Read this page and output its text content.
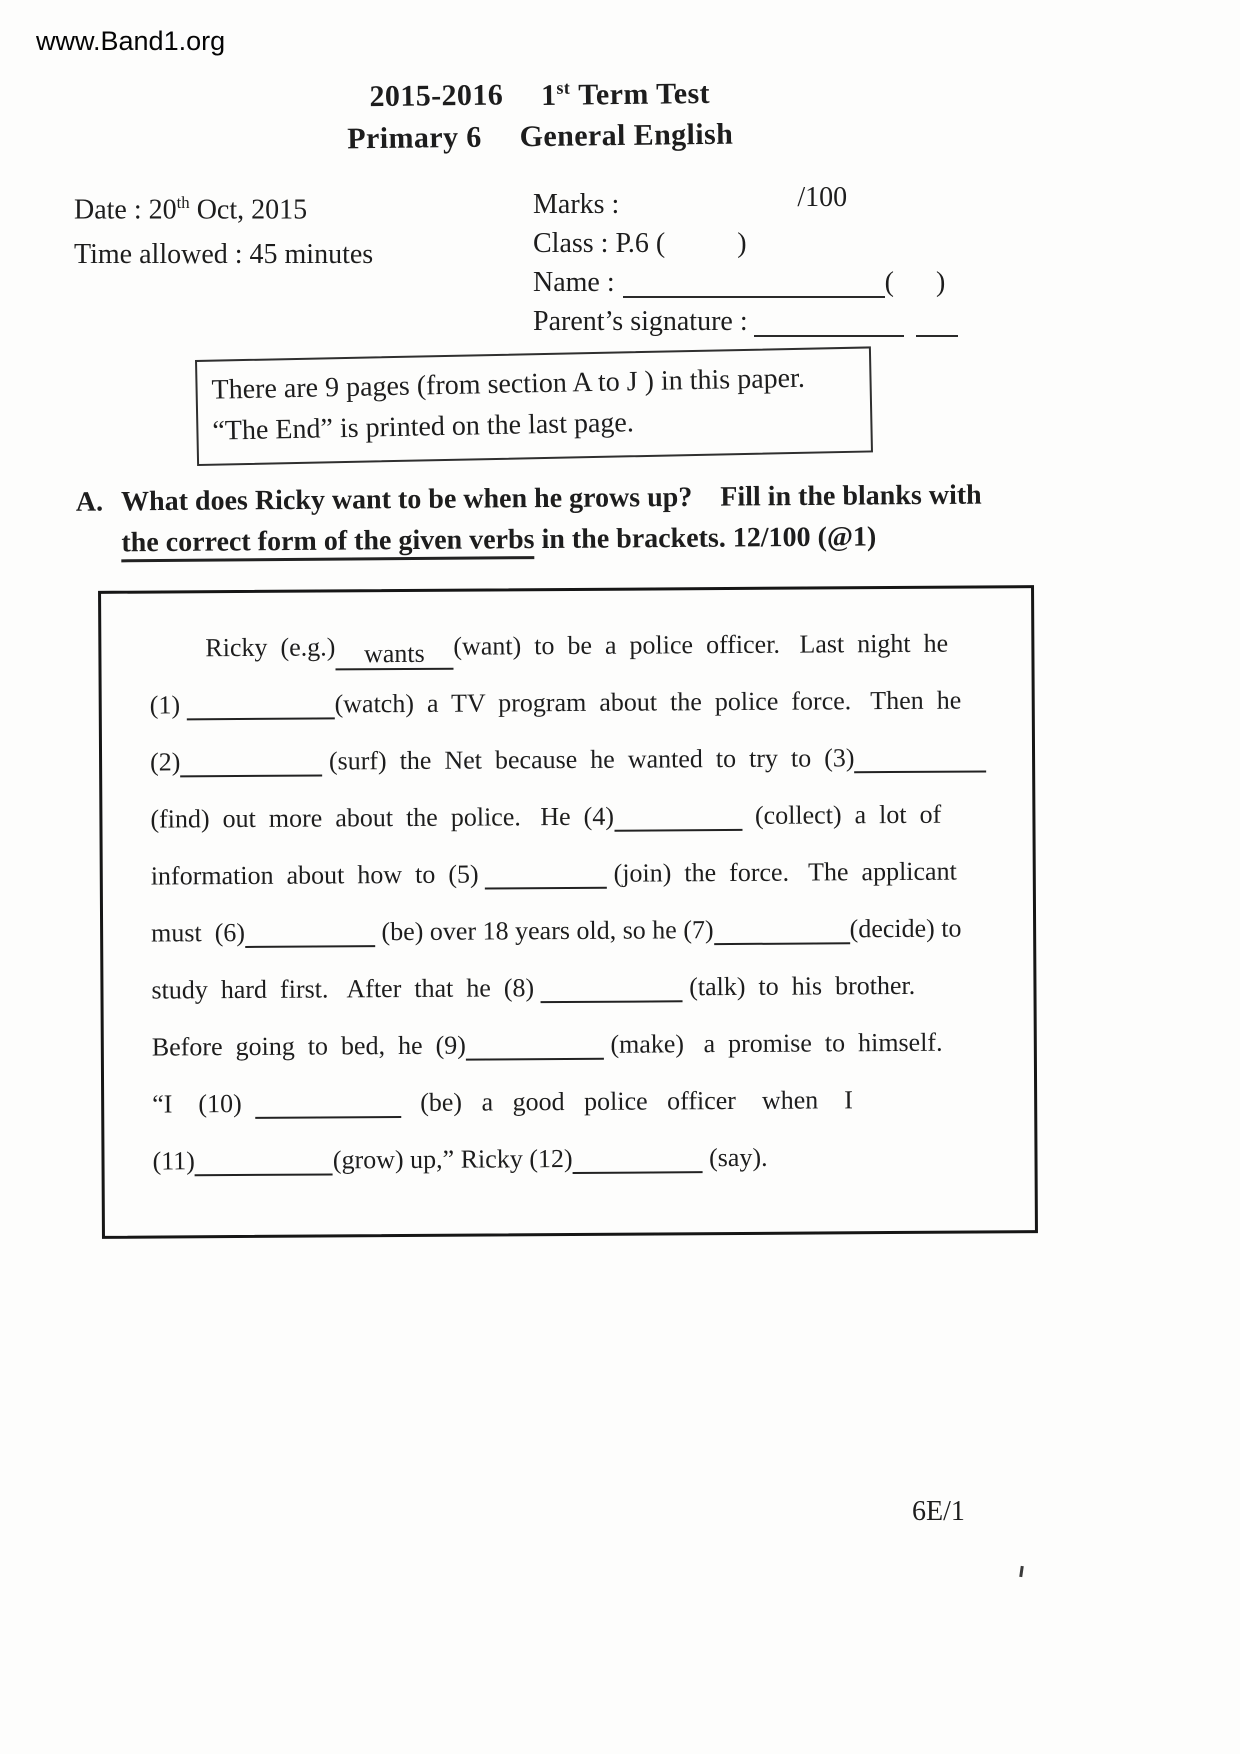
www.Band1.org
2015-2016 1st Term Test
Primary 6 General English
Date : 20th Oct, 2015
Time allowed : 45 minutes
Marks :	/100
Class : P.6 (	)
Name :	(      )
Parent’s signature :
There are 9 pages (from section A to J ) in this paper.
“The End” is printed on the last page.
A. What does Ricky want to be when he grows up?    Fill in the blanks with
the correct form of the given verbs in the brackets. 12/100 (@1)
Ricky  (e.g.) wants (want)  to  be  a  police  officer.   Last  night  he
(1)	(watch)  a  TV  program  about  the  police  force.   Then  he
(2)	(surf)  the  Net  because  he  wanted  to  try  to  (3)
(find)  out  more  about  the  police.   He  (4)	(collect)  a  lot  of
information  about  how  to  (5)	(join)  the  force.   The  applicant
must  (6)	(be) over 18 years old, so he (7)	(decide) to
study  hard  first.   After  that  he  (8)	(talk)  to  his  brother.
Before  going  to  bed,  he  (9)	(make)   a  promise  to  himself.
“I    (10)	(be)   a   good   police   officer    when    I
(11)	(grow) up,” Ricky (12)	(say).
6E/1
